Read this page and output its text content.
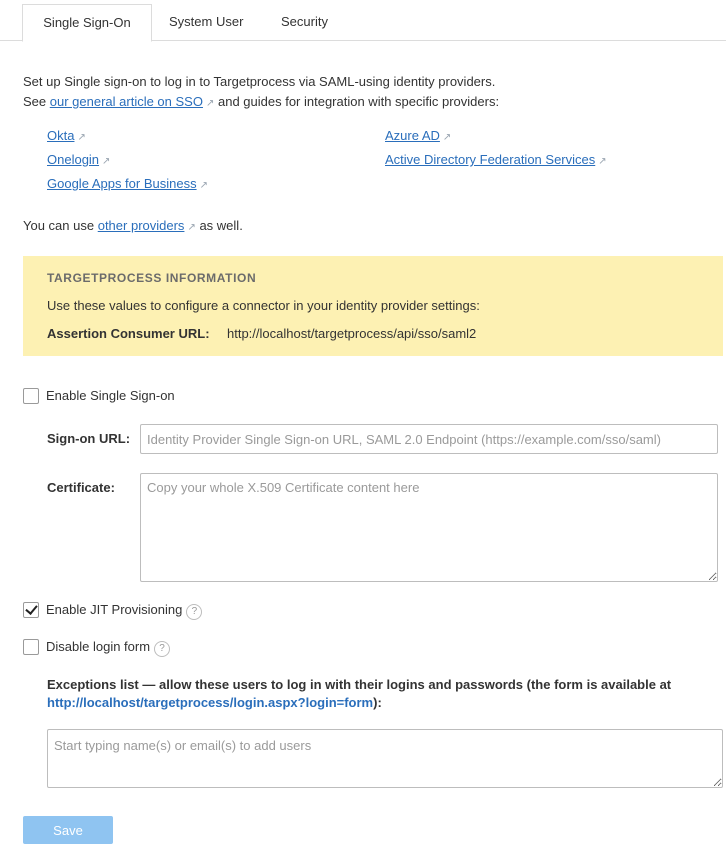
Single Sign-On	System User	Security
Set up Single sign-on to log in to Targetprocess via SAML-using identity providers.
See our general article on SSO ↗ and guides for integration with specific providers:
Okta ↗
Onelogin ↗
Google Apps for Business ↗
Azure AD ↗
Active Directory Federation Services ↗
You can use other providers ↗ as well.
TARGETPROCESS INFORMATION
Use these values to configure a connector in your identity provider settings:
Assertion Consumer URL: http://localhost/targetprocess/api/sso/saml2
Enable Single Sign-on
Sign-on URL:
Identity Provider Single Sign-on URL, SAML 2.0 Endpoint (https://example.com/sso/saml)
Certificate:
Copy your whole X.509 Certificate content here
Enable JIT Provisioning ?
Disable login form ?
Exceptions list — allow these users to log in with their logins and passwords (the form is available at http://localhost/targetprocess/login.aspx?login=form):
Start typing name(s) or email(s) to add users
Save
